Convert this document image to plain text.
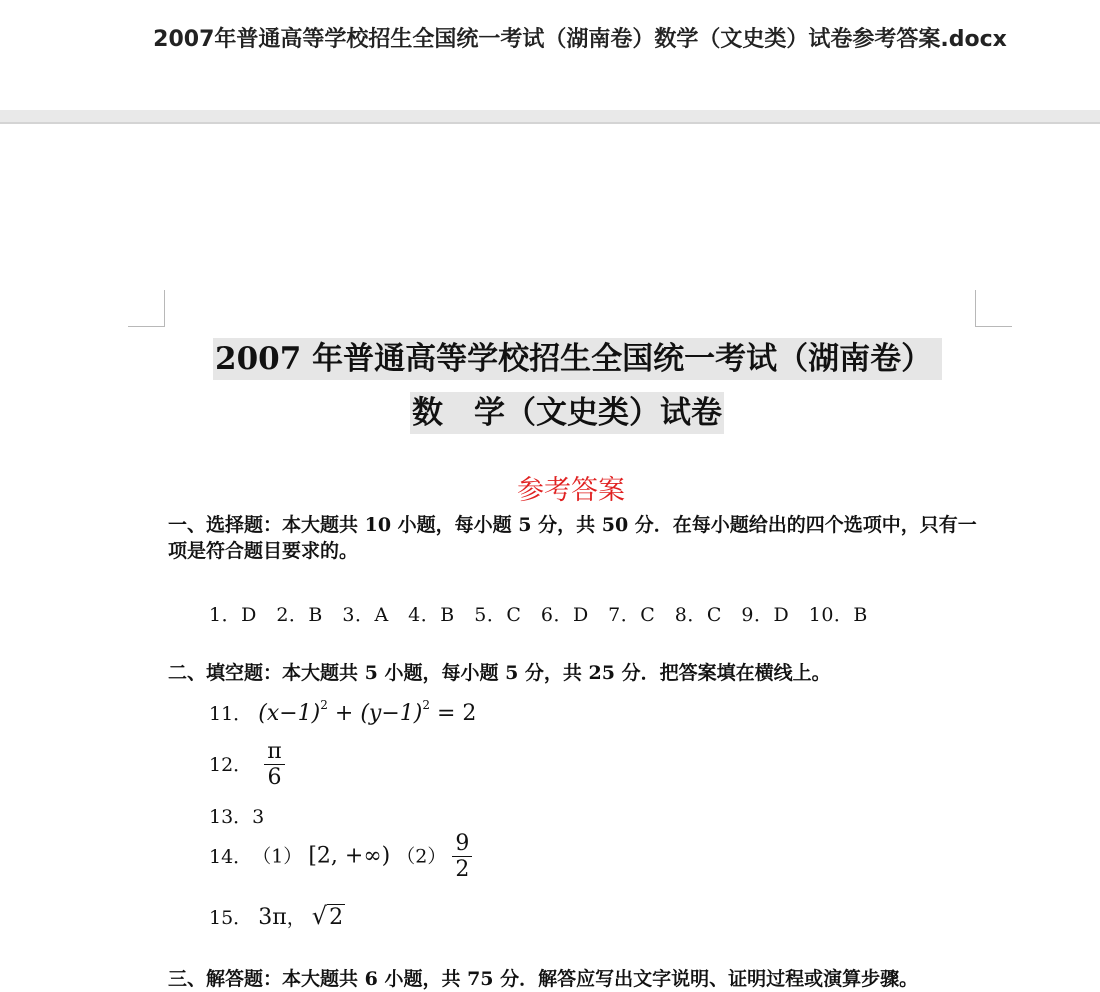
2007年普通高等学校招生全国统一考试（湖南卷）数学（文史类）试卷参考答案.docx
2007 年普通高等学校招生全国统一考试（湖南卷）
数　学（文史类）试卷
参考答案
一、选择题：本大题共 10 小题，每小题 5 分，共 50 分．在每小题给出的四个选项中，只有一项是符合题目要求的。
1．D　2．B　3．A　4．B　5．C　6．D　7．C　8．C　9．D　10．B
二、填空题：本大题共 5 小题，每小题 5 分，共 25 分．把答案填在横线上。
11． $(x-1)^2 + (y-1)^2 = 2$
12． $\frac{\pi}{6}$
13．3
14．（1） [2, +∞) $(2) \frac{9}{2}$
15． 3π， √2
三、解答题：本大题共 6 小题，共 75 分．解答应写出文字说明、证明过程或演算步骤。
